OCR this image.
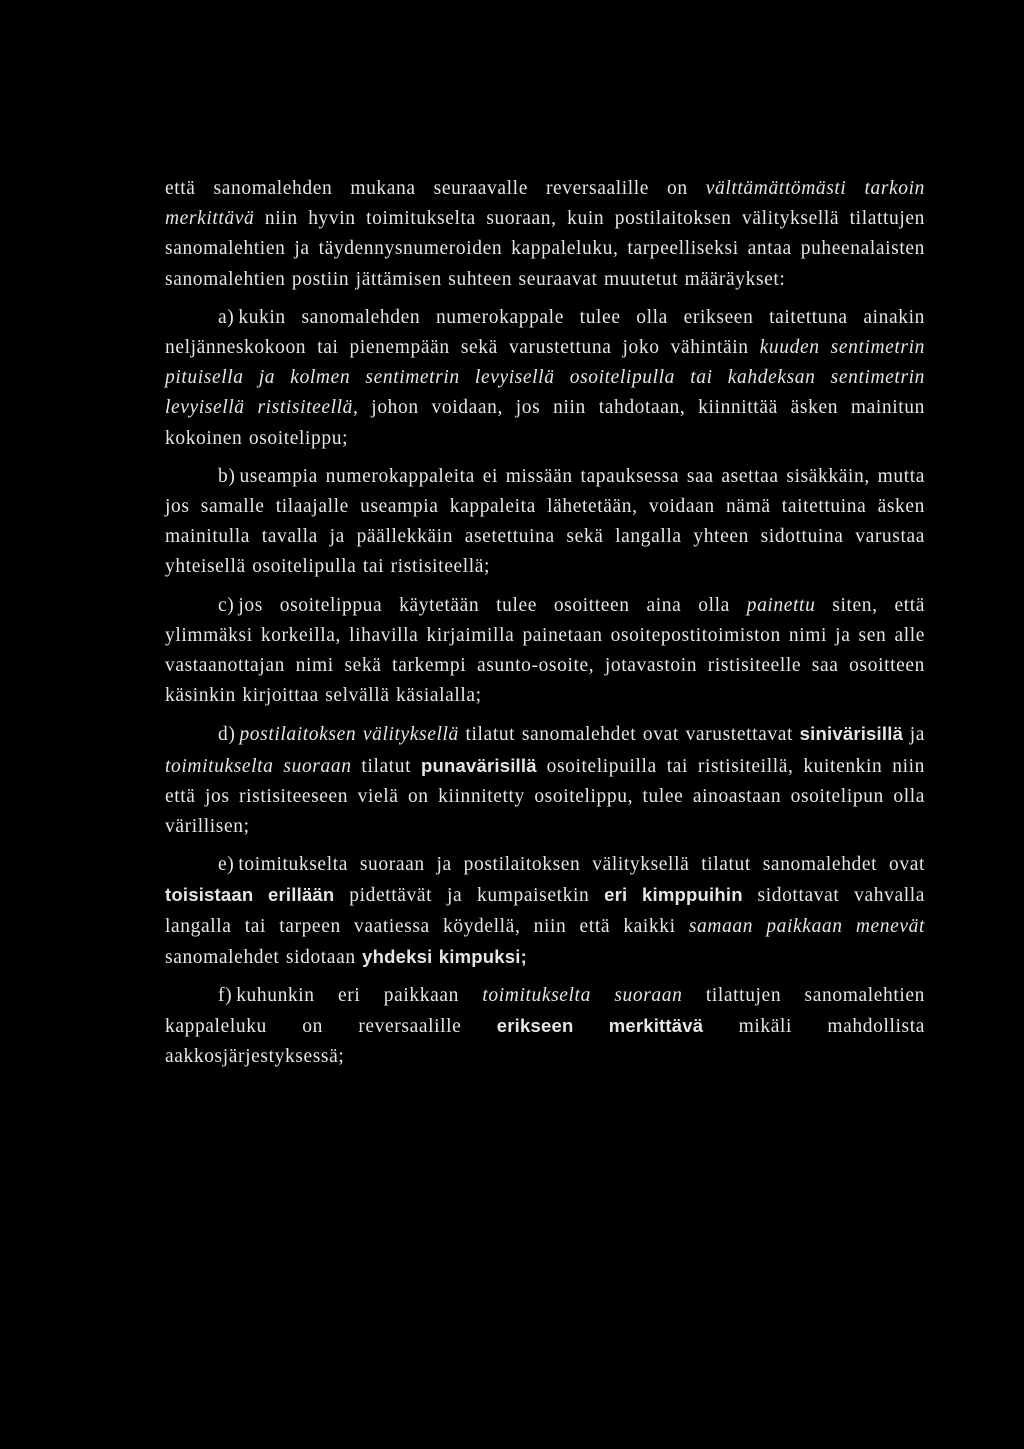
että sanomalehden mukana seuraavalle reversaalille on välttämättömästi tarkoin merkittävä niin hyvin toimitukselta suoraan, kuin postilaitoksen välityksellä tilattujen sanomalehtien ja täydennysnumeroiden kappaleluku, tarpeelliseksi antaa puheenalaisten sanomalehtien postiin jättämisen suhteen seuraavat muutetut määräykset:

a) kukin sanomalehden numerokappale tulee olla erikseen taitettuna ainakin neljänneskokoon tai pienempään sekä varustettuna joko vähintäin kuuden sentimetrin pituisella ja kolmen sentimetrin levyisellä osoitelipulla tai kahdeksan sentimetrin levyisellä ristisiteellä, johon voidaan, jos niin tahdotaan, kiinnittää äsken mainitun kokoinen osoitelippu;

b) useampia numerokappaleita ei missään tapauksessa saa asettaa sisäkkäin, mutta jos samalle tilaajalle useampia kappaleita lähetetään, voidaan nämä taitettuina äsken mainitulla tavalla ja päällekkäin asetettuina sekä langalla yhteen sidottuina varustaa yhteisellä osoitelipulla tai ristisiteellä;

c) jos osoitelippua käytetään tulee osoitteen aina olla painettu siten, että ylimmäksi korkeilla, lihavilla kirjaimilla painetaan osoitepostitoimiston nimi ja sen alle vastaanottajan nimi sekä tarkempi asunto-osoite, jotavastoin ristisiteelle saa osoitteen käsinkin kirjoittaa selvällä käsialalla;

d) postilaitoksen välityksellä tilatut sanomalehdet ovat varustettavat sinivärisillä ja toimitukselta suoraan tilatut punavärisillä osoitelipuilla tai ristisiteillä, kuitenkin niin että jos ristisiteeseen vielä on kiinnitetty osoitelippu, tulee ainoastaan osoitelipun olla värillisen;

e) toimitukselta suoraan ja postilaitoksen välityksellä tilatut sanomalehdet ovat toisistaan erillään pidettävät ja kumpaisetkin eri kimppuihin sidottavat vahvalla langalla tai tarpeen vaatiessa köydellä, niin että kaikki samaan paikkaan menevät sanomalehdet sidotaan yhdeksi kimpuksi;

f) kuhunkin eri paikkaan toimitukselta suoraan tilattujen sanomalehtien kappaleluku on reversaalille erikseen merkittävä mikäli mahdollista aakkosjärjestyksessä;
